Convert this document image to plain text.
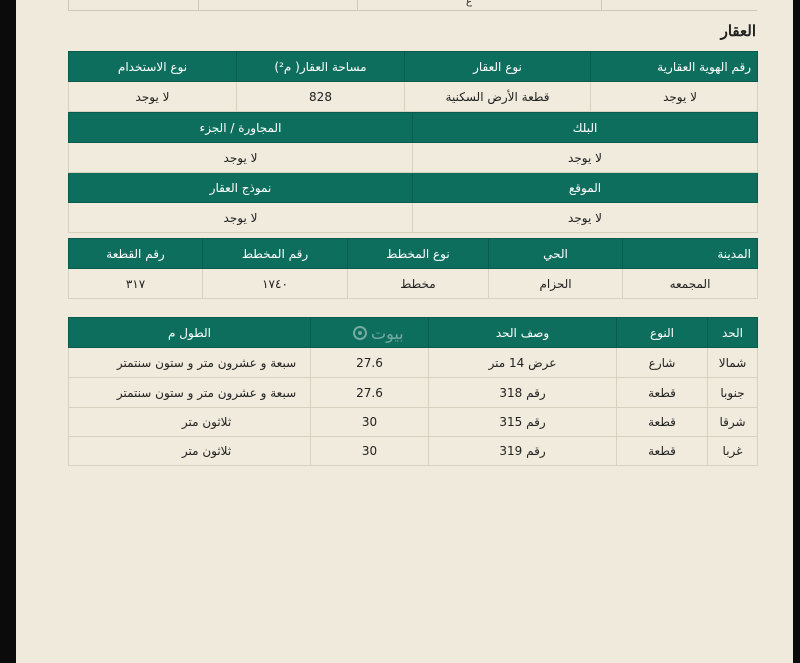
ع
العقار
رقم الهوية العقارية	نوع العقار	مساحة العقار( م²)	نوع الاستخدام
لا يوجد	قطعة الأرض السكنية	828	لا يوجد
البلك	المجاورة / الجزء
لا يوجد	لا يوجد
الموقع	نموذج العقار
لا يوجد	لا يوجد
المدينة	الحي	نوع المخطط	رقم المخطط	رقم القطعة
المجمعه	الحزام	مخطط	١٧٤٠	٣١٧
الحد	النوع	وصف الحد		الطول م
شمالا	شارع	عرض 14 متر	27.6	سبعة و عشرون متر و ستون سنتمتر
جنوبا	قطعة	رقم 318	27.6	سبعة و عشرون متر و ستون سنتمتر
شرقا	قطعة	رقم 315	30	ثلاثون متر
غربا	قطعة	رقم 319	30	ثلاثون متر
بيوت
